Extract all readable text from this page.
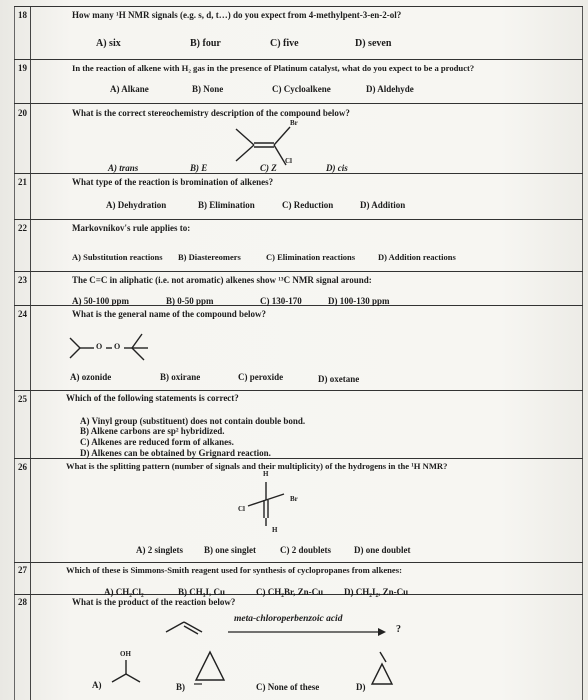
18	How many ¹H NMR signals (e.g. s, d, t…) do you expect from 4-methylpent-3-en-2-ol?
A) six	B) four	C) five	D) seven
19	In the reaction of alkene with H₂ gas in the presence of Platinum catalyst, what do you expect to be a product?
A) Alkane	B) None	C) Cycloalkene	D) Aldehyde
20	What is the correct stereochemistry description of the compound below?
Br
Cl
A) trans	B) E	C) Z	D) cis
21	What type of the reaction is bromination of alkenes?
A) Dehydration	B) Elimination	C) Reduction	D) Addition
22	Markovnikov's rule applies to:
A) Substitution reactions B) Diastereomers	C) Elimination reactions	D) Addition reactions
23	The C=C in aliphatic (i.e. not aromatic) alkenes show ¹³C NMR signal around:
A) 50-100 ppm	B) 0-50 ppm	C) 130-170	D) 100-130 ppm
24	What is the general name of the compound below?
O O
A) ozonide	B) oxirane	C) peroxide	D) oxetane
25	Which of the following statements is correct?
A) Vinyl group (substituent) does not contain double bond.
B) Alkene carbons are sp² hybridized.
C) Alkenes are reduced form of alkanes.
D) Alkenes can be obtained by Grignard reaction.
26	What is the splitting pattern (number of signals and their multiplicity) of the hydrogens in the ¹H NMR?
H
Br
Cl
H
A) 2 singlets B) one singlet	C) 2 doublets	D) one doublet
27	Which of these is Simmons-Smith reagent used for synthesis of cyclopropanes from alkenes:
A) CH₂Cl₂	B) CH₃I, Cu	C) CH₂Br, Zn-Cu D) CH₂I₂, Zn-Cu
28	What is the product of the reaction below?
meta-chloroperbenzoic acid
?
OH
A)	B)	C) None of these	D)
